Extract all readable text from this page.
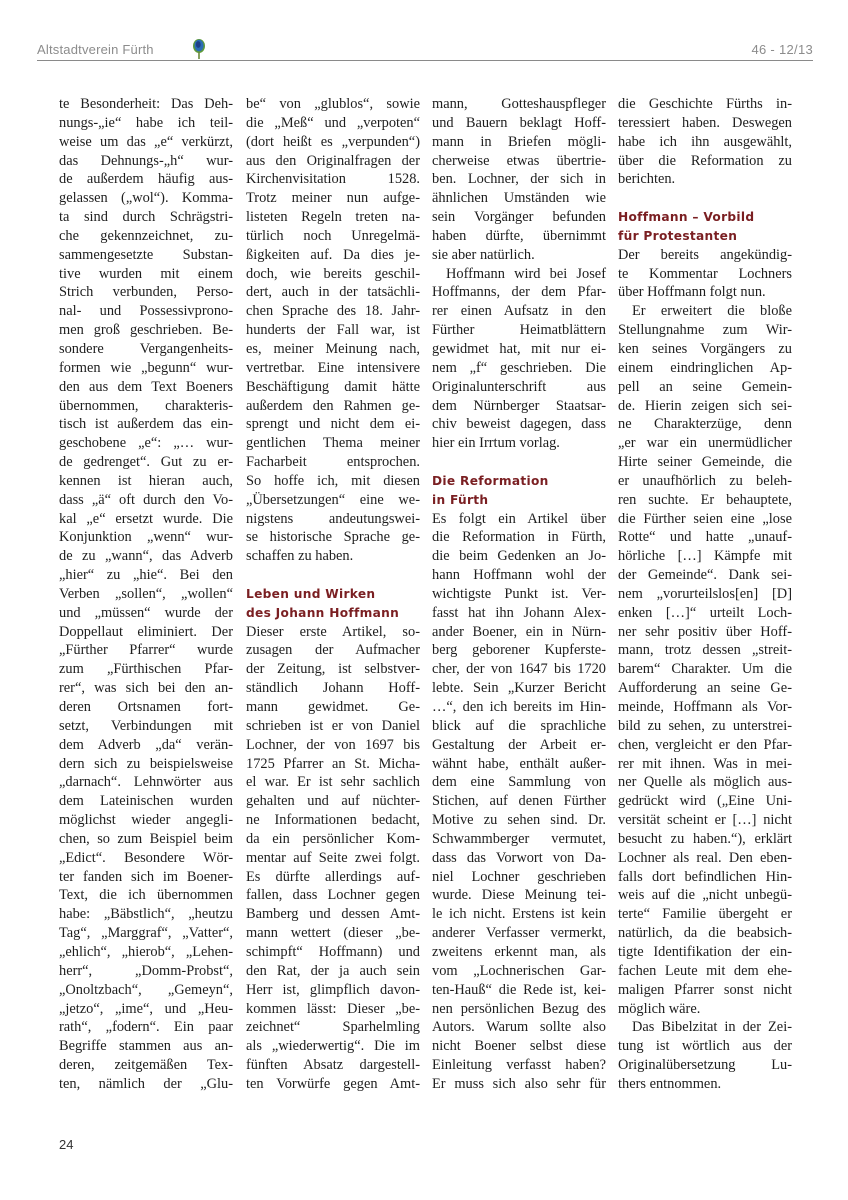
Altstadtverein Fürth	46 - 12/13
te Besonderheit: Das Deh-
nungs-„ie“ habe ich teil-
weise um das „e“ verkürzt,
das Dehnungs-„h“ wur-
de außerdem häufig aus-
gelassen („wol“). Komma-
ta sind durch Schrägstri-
che gekennzeichnet, zu-
sammengesetzte Substan-
tive wurden mit einem
Strich verbunden, Perso-
nal- und Possessivprono-
men groß geschrieben. Be-
sondere Vergangenheits-
formen wie „begunn“ wur-
den aus dem Text Boeners
übernommen, charakteris-
tisch ist außerdem das ein-
geschobene „e“: „… wur-
de gedrenget“. Gut zu er-
kennen ist hieran auch,
dass „ä“ oft durch den Vo-
kal „e“ ersetzt wurde. Die
Konjunktion „wenn“ wur-
de zu „wann“, das Adverb
„hier“ zu „hie“. Bei den
Verben „sollen“, „wollen“
und „müssen“ wurde der
Doppellaut eliminiert. Der
„Fürther Pfarrer“ wurde
zum „Fürthischen Pfar-
rer“, was sich bei den an-
deren Ortsnamen fort-
setzt, Verbindungen mit
dem Adverb „da“ verän-
dern sich zu beispielsweise
„darnach“. Lehnwörter aus
dem Lateinischen wurden
möglichst wieder angegli-
chen, so zum Beispiel beim
„Edict“. Besondere Wör-
ter fanden sich im Boener-
Text, die ich übernommen
habe: „Bäbstlich“, „heutzu
Tag“, „Marggraf“, „Vatter“,
„ehlich“, „hierob“, „Lehen-
herr“, „Domm-Probst“,
„Onoltzbach“, „Gemeyn“,
„jetzo“, „ime“, und „Heu-
rath“, „fodern“. Ein paar
Begriffe stammen aus an-
deren, zeitgemäßen Tex-
ten, nämlich der „Glu-
be“ von „glublos“, sowie
die „Meß“ und „verpoten“
(dort heißt es „verpunden“)
aus den Originalfragen der
Kirchenvisitation 1528.
Trotz meiner nun aufge-
listeten Regeln treten na-
türlich noch Unregelmä-
ßigkeiten auf. Da dies je-
doch, wie bereits geschil-
dert, auch in der tatsächli-
chen Sprache des 18. Jahr-
hunderts der Fall war, ist
es, meiner Meinung nach,
vertretbar. Eine intensivere
Beschäftigung damit hätte
außerdem den Rahmen ge-
sprengt und nicht dem ei-
gentlichen Thema meiner
Facharbeit entsprochen.
So hoffe ich, mit diesen
„Übersetzungen“ eine we-
nigstens andeutungswei-
se historische Sprache ge-
schaffen zu haben.
Leben und Wirken
des Johann Hoffmann
Dieser erste Artikel, so-
zusagen der Aufmacher
der Zeitung, ist selbstver-
ständlich Johann Hoff-
mann gewidmet. Ge-
schrieben ist er von Daniel
Lochner, der von 1697 bis
1725 Pfarrer an St. Micha-
el war. Er ist sehr sachlich
gehalten und auf nüchter-
ne Informationen bedacht,
da ein persönlicher Kom-
mentar auf Seite zwei folgt.
Es dürfte allerdings auf-
fallen, dass Lochner gegen
Bamberg und dessen Amt-
mann wettert (dieser „be-
schimpft“ Hoffmann) und
den Rat, der ja auch sein
Herr ist, glimpflich davon-
kommen lässt: Dieser „be-
zeichnet“ Sparhelmling
als „wiederwertig“. Die im
fünften Absatz dargestell-
ten Vorwürfe gegen Amt-
mann, Gotteshauspfleger
und Bauern beklagt Hoff-
mann in Briefen mögli-
cherweise etwas übertrie-
ben. Lochner, der sich in
ähnlichen Umständen wie
sein Vorgänger befunden
haben dürfte, übernimmt
sie aber natürlich.
Hoffmann wird bei Josef
Hoffmanns, der dem Pfar-
rer einen Aufsatz in den
Fürther Heimatblättern
gewidmet hat, mit nur ei-
nem „f“ geschrieben. Die
Originalunterschrift aus
dem Nürnberger Staatsar-
chiv beweist dagegen, dass
hier ein Irrtum vorlag.
Die Reformation
in Fürth
Es folgt ein Artikel über
die Reformation in Fürth,
die beim Gedenken an Jo-
hann Hoffmann wohl der
wichtigste Punkt ist. Ver-
fasst hat ihn Johann Alex-
ander Boener, ein in Nürn-
berg geborener Kupferste-
cher, der von 1647 bis 1720
lebte. Sein „Kurzer Bericht
…“, den ich bereits im Hin-
blick auf die sprachliche
Gestaltung der Arbeit er-
wähnt habe, enthält außer-
dem eine Sammlung von
Stichen, auf denen Fürther
Motive zu sehen sind. Dr.
Schwammberger vermutet,
dass das Vorwort von Da-
niel Lochner geschrieben
wurde. Diese Meinung tei-
le ich nicht. Erstens ist kein
anderer Verfasser vermerkt,
zweitens erkennt man, als
vom „Lochnerischen Gar-
ten-Hauß“ die Rede ist, kei-
nen persönlichen Bezug des
Autors. Warum sollte also
nicht Boener selbst diese
Einleitung verfasst haben?
Er muss sich also sehr für
die Geschichte Fürths in-
teressiert haben. Deswegen
habe ich ihn ausgewählt,
über die Reformation zu
berichten.
Hoffmann – Vorbild
für Protestanten
Der bereits angekündig-
te Kommentar Lochners
über Hoffmann folgt nun.
Er erweitert die bloße
Stellungnahme zum Wir-
ken seines Vorgängers zu
einem eindringlichen Ap-
pell an seine Gemein-
de. Hierin zeigen sich sei-
ne Charakterzüge, denn
„er war ein unermüdlicher
Hirte seiner Gemeinde, die
er unaufhörlich zu beleh-
ren suchte. Er behauptete,
die Fürther seien eine „lose
Rotte“ und hatte „unauf-
hörliche […] Kämpfe mit
der Gemeinde“. Dank sei-
nem „vorurteilslos[en] [D]
enken […]“ urteilt Loch-
ner sehr positiv über Hoff-
mann, trotz dessen „streit-
barem“ Charakter. Um die
Aufforderung an seine Ge-
meinde, Hoffmann als Vor-
bild zu sehen, zu unterstrei-
chen, vergleicht er den Pfar-
rer mit ihnen. Was in mei-
ner Quelle als möglich aus-
gedrückt wird („Eine Uni-
versität scheint er […] nicht
besucht zu haben.“), erklärt
Lochner als real. Den eben-
falls dort befindlichen Hin-
weis auf die „nicht unbegü-
terte“ Familie übergeht er
natürlich, da die beabsich-
tigte Identifikation der ein-
fachen Leute mit dem ehe-
maligen Pfarrer sonst nicht
möglich wäre.
Das Bibelzitat in der Zei-
tung ist wörtlich aus der
Originalübersetzung Lu-
thers entnommen.
24
